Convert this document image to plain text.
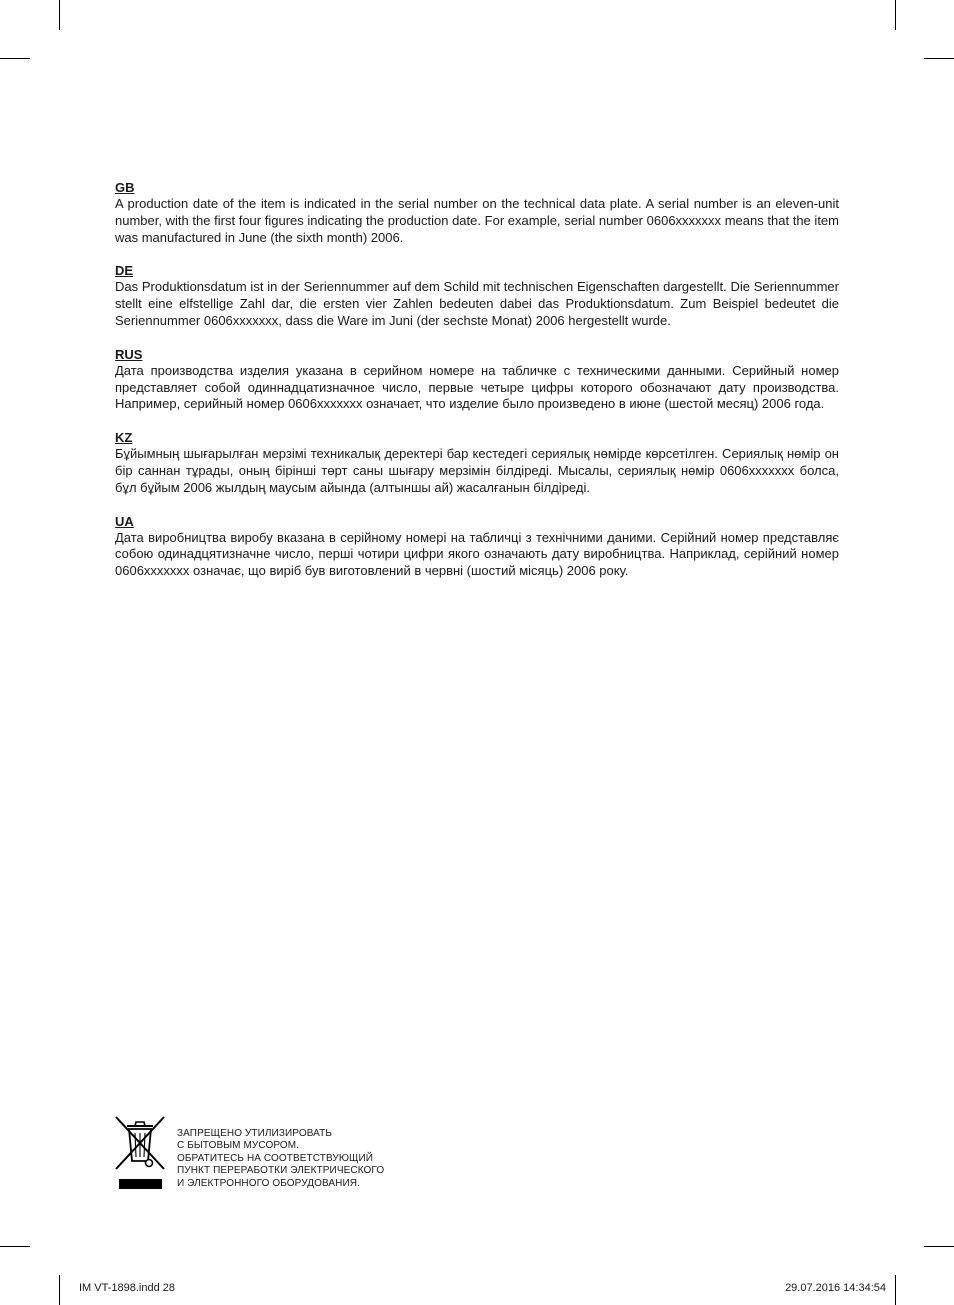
GB

A production date of the item is indicated in the serial number on the technical data plate. A serial number is an eleven-unit number, with the first four figures indicating the production date. For example, serial number 0606xxxxxxx means that the item was manufactured in June (the sixth month) 2006.

DE

Das Produktionsdatum ist in der Seriennummer auf dem Schild mit technischen Eigenschaften dargestellt. Die Seriennummer stellt eine elfstellige Zahl dar, die ersten vier Zahlen bedeuten dabei das Produktionsdatum. Zum Beispiel bedeutet die Seriennummer 0606xxxxxxx, dass die Ware im Juni (der sechste Monat) 2006 hergestellt wurde.

RUS

Дата производства изделия указана в серийном номере на табличке с техническими данными. Серийный номер представляет собой одиннадцатизначное число, первые четыре цифры которого обозначают дату производства. Например, серийный номер 0606xxxxxxx означает, что изделие было произведено в июне (шестой месяц) 2006 года.

KZ

Бұйымның шығарылған мерзімі техникалық деректері бар кестедегі сериялық нөмірде көрсетілген. Сериялық нөмір он бір саннан тұрады, оның бірінші төрт саны шығару мерзімін білдіреді. Мысалы, сериялық нөмір 0606xxxxxxx болса, бұл бұйым 2006 жылдың маусым айында (алтыншы ай) жасалғанын білдіреді.

UA

Дата виробництва виробу вказана в серійному номері на табличці з технічними даними. Серійний номер представляє собою одинадцятизначне число, перші чотири цифри якого означають дату виробництва. Наприклад, серійний номер 0606xxxxxxx означає, що виріб був виготовлений в червні (шостий місяць) 2006 року.

ЗАПРЕЩЕНО УТИЛИЗИРОВАТЬ
С БЫТОВЫМ МУСОРОМ.
ОБРАТИТЕСЬ НА СООТВЕТСТВУЮЩИЙ
ПУНКТ ПЕРЕРАБОТКИ ЭЛЕКТРИЧЕСКОГО
И ЭЛЕКТРОННОГО ОБОРУДОВАНИЯ.

IM VT-1898.indd 28	29.07.2016 14:34:54
